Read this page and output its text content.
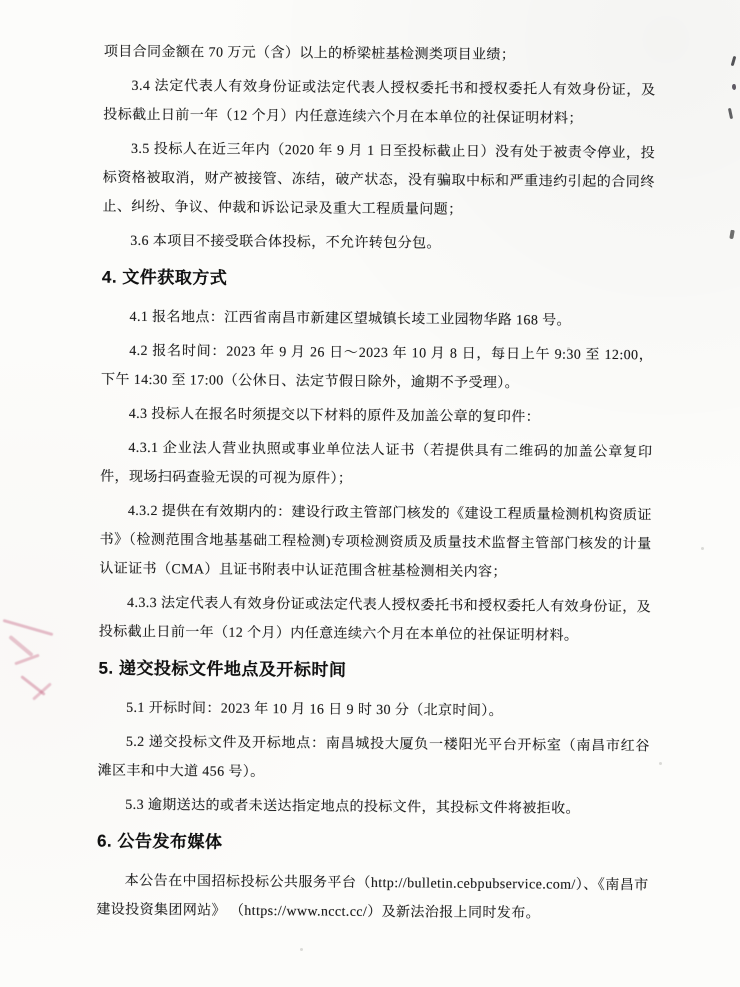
项目合同金额在 70 万元（含）以上的桥梁桩基检测类项目业绩；

3.4 法定代表人有效身份证或法定代表人授权委托书和授权委托人有效身份证，及投标截止日前一年（12 个月）内任意连续六个月在本单位的社保证明材料；

3.5 投标人在近三年内（2020 年 9 月 1 日至投标截止日）没有处于被责令停业，投标资格被取消，财产被接管、冻结，破产状态，没有骗取中标和严重违约引起的合同终止、纠纷、争议、仲裁和诉讼记录及重大工程质量问题；

3.6 本项目不接受联合体投标，不允许转包分包。

4. 文件获取方式

4.1 报名地点：江西省南昌市新建区望城镇长堎工业园物华路 168 号。

4.2 报名时间：2023 年 9 月 26 日～2023 年 10 月 8 日，每日上午 9:30 至 12:00，下午 14:30 至 17:00（公休日、法定节假日除外，逾期不予受理）。

4.3 投标人在报名时须提交以下材料的原件及加盖公章的复印件：

4.3.1 企业法人营业执照或事业单位法人证书（若提供具有二维码的加盖公章复印件，现场扫码查验无误的可视为原件）；

4.3.2 提供在有效期内的：建设行政主管部门核发的《建设工程质量检测机构资质证书》（检测范围含地基基础工程检测)专项检测资质及质量技术监督主管部门核发的计量认证证书（CMA）且证书附表中认证范围含桩基检测相关内容；

4.3.3 法定代表人有效身份证或法定代表人授权委托书和授权委托人有效身份证，及投标截止日前一年（12 个月）内任意连续六个月在本单位的社保证明材料。

5. 递交投标文件地点及开标时间

5.1 开标时间：2023 年 10 月 16 日 9 时 30 分（北京时间）。

5.2 递交投标文件及开标地点：南昌城投大厦负一楼阳光平台开标室（南昌市红谷滩区丰和中大道 456 号）。

5.3 逾期送达的或者未送达指定地点的投标文件，其投标文件将被拒收。

6. 公告发布媒体

本公告在中国招标投标公共服务平台（http://bulletin.cebpubservice.com/）、《南昌市建设投资集团网站》 （https://www.ncct.cc/）及新法治报上同时发布。
